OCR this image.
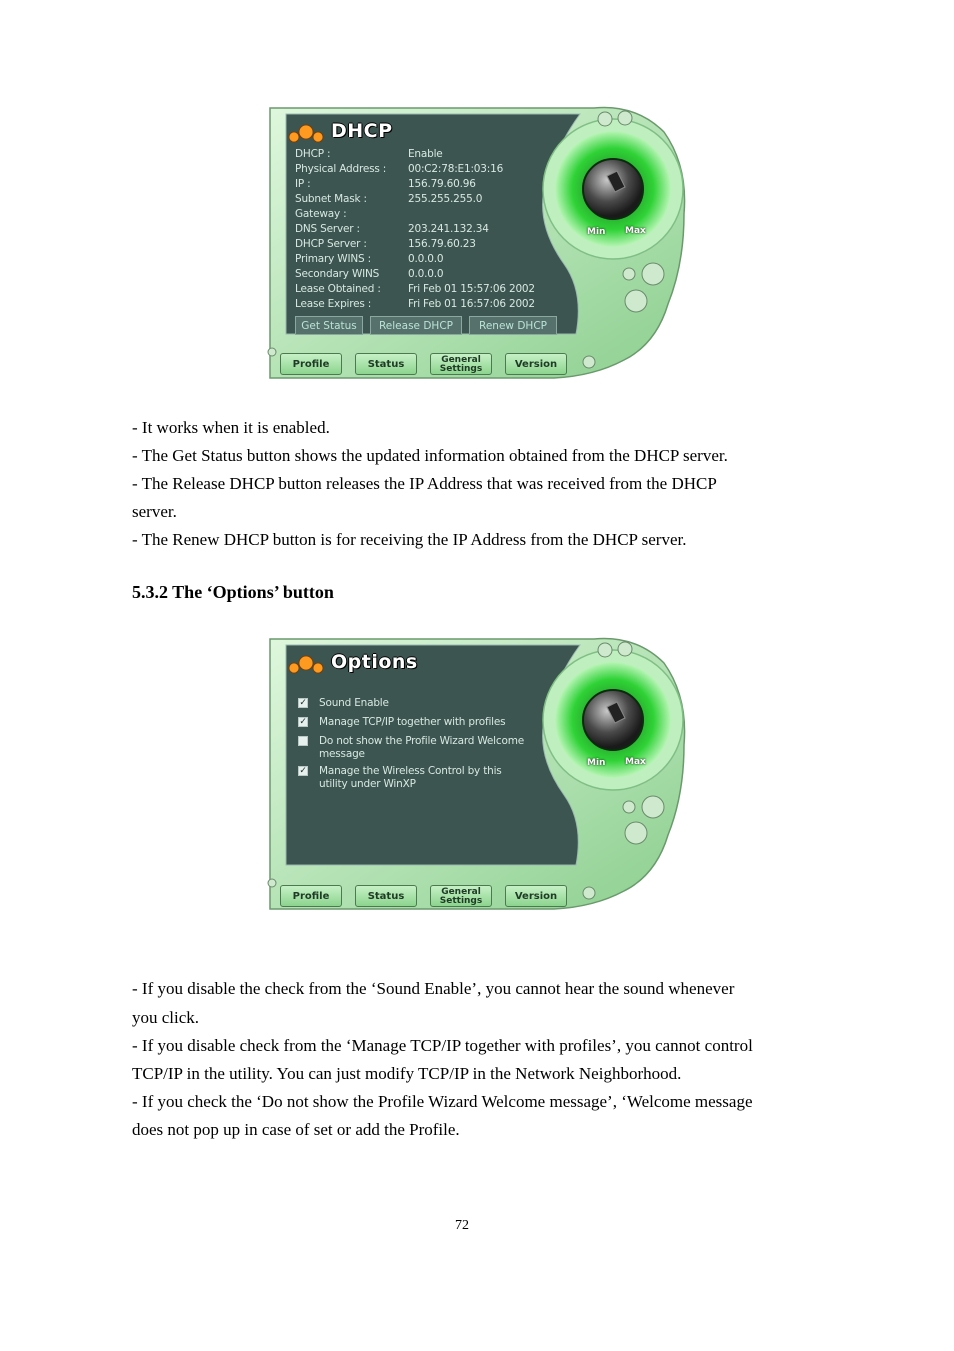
DHCP
DHCP :	Enable
Physical Address : 00:C2:78:E1:03:16
IP :	156.79.60.96
Subnet Mask :	255.255.255.0
Gateway :
DNS Server :	203.241.132.34
DHCP Server :	156.79.60.23
Primary WINS :	0.0.0.0
Secondary WINS	0.0.0.0
Lease Obtained :	Fri Feb 01 15:57:06 2002
Lease Expires :	Fri Feb 01 16:57:06 2002
Get Status	Release DHCP	Renew DHCP
Min Max
Profile	Status	General
Settings	Version
- It works when it is enabled.
- The Get Status button shows the updated information obtained from the DHCP server.
- The Release DHCP button releases the IP Address that was received from the DHCP
server.
- The Renew DHCP button is for receiving the IP Address from the DHCP server.
5.3.2 The ‘Options’ button
Options
✓ Sound Enable
✓ Manage TCP/IP together with profiles
Do not show the Profile Wizard Welcome
message
✓ Manage the Wireless Control by this
utility under WinXP
Min Max
Profile	Status	General
Settings	Version
- If you disable the check from the ‘Sound Enable’, you cannot hear the sound whenever
you click.
- If you disable check from the ‘Manage TCP/IP together with profiles’, you cannot control
TCP/IP in the utility. You can just modify TCP/IP in the Network Neighborhood.
- If you check the ‘Do not show the Profile Wizard Welcome message’, ‘Welcome message
does not pop up in case of set or add the Profile.
72
